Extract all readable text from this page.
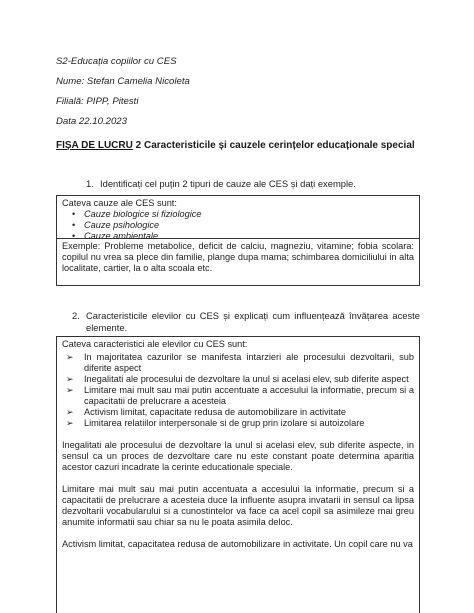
S2-Educația copiilor cu CES
Nume: Stefan Camelia Nicoleta
Filială: PIPP, Pitesti
Data 22.10.2023
FIȘA DE LUCRU 2 Caracteristicile și cauzele cerințelor educaționale special
1. Identificați cel puțin 2 tipuri de cauze ale CES și dați exemple.
Cateva cauze ale CES sunt:
• Cauze biologice si fiziologice
• Cauze psihologice
• Cauze ambientale

Exemple: Probleme metabolice, deficit de calciu, magneziu, vitamine; fobia scolara: copilul nu vrea sa plece din familie, plange dupa mama; schimbarea domiciliului in alta localitate, cartier, la o alta scoala etc.

2. Caracteristicile elevilor cu CES și explicați cum influențează învățarea aceste elemente.
Cateva caracteristici ale elevilor cu CES sunt:
➢ In majoritatea cazurilor se manifesta intarzieri ale procesului dezvoltarii, sub diferite aspect
➢ Inegalitati ale procesului de dezvoltare la unul si acelasi elev, sub diferite aspect
➢ Limitare mai mult sau mai putin accentuate a accesului la informatie, precum si a capacitatii de prelucrare a acesteia
➢ Activism limitat, capacitate redusa de automobilizare in activitate
➢ Limitarea relatiilor interpersonale si de grup prin izolare si autoizolare

Inegalitati ale procesului de dezvoltare la unul si acelasi elev, sub diferite aspecte, in sensul ca un proces de dezvoltare care nu este constant poate determina aparitia acestor cazuri incadrate la cerinte educationale speciale.

Limitare mai mult sau mai putin accentuata a accesului la informatie, precum si a capacitatii de prelucrare a acesteia duce la influente asupra invatarii in sensul ca lipsa dezvoltarii vocabularului si a cunostintelor va face ca acel copil sa asimileze mai greu anumite informatii sau chiar sa nu le poata asimila deloc.

Activism limitat, capacitatea redusa de automobilizare in activitate. Un copil care nu va
